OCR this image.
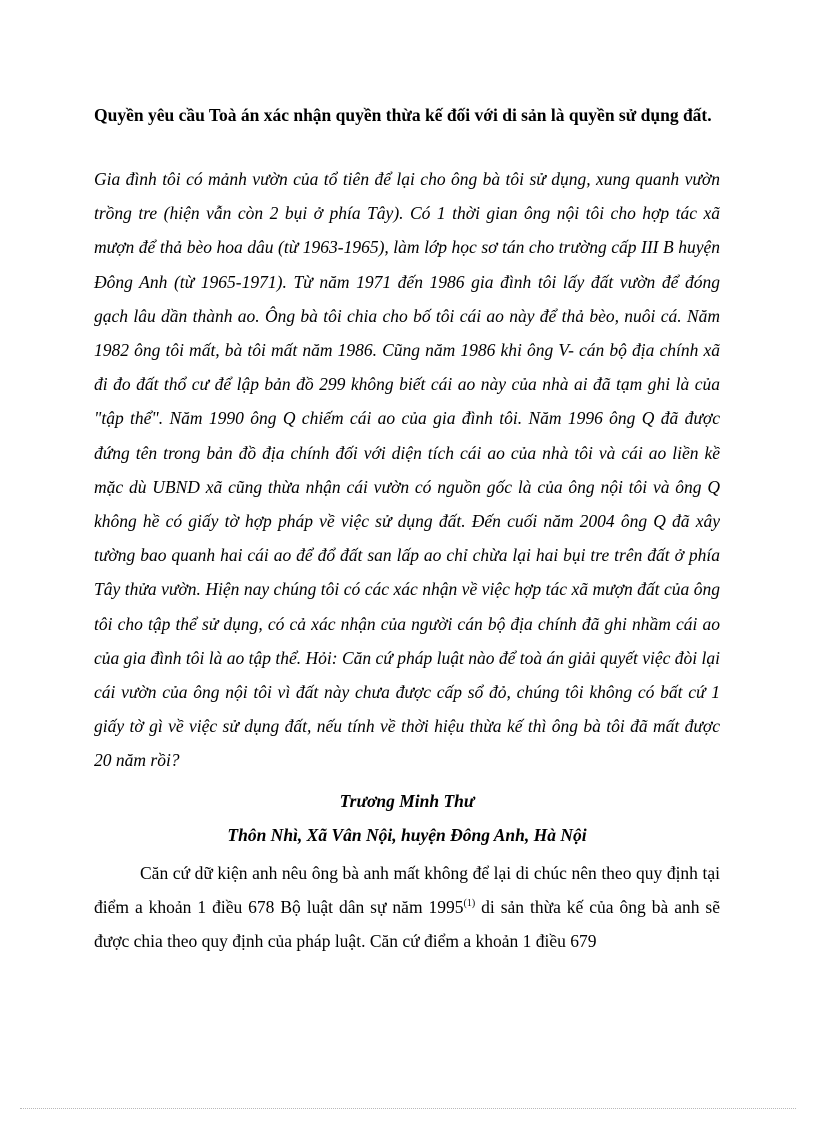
Quyền yêu cầu Toà án xác nhận quyền thừa kế đối với di sản là quyền sử dụng đất.

Gia đình tôi có mảnh vườn của tổ tiên để lại cho ông bà tôi sử dụng, xung quanh vườn trồng tre (hiện vẫn còn 2 bụi ở phía Tây). Có 1 thời gian ông nội tôi cho hợp tác xã mượn để thả bèo hoa dâu (từ 1963-1965), làm lớp học sơ tán cho trường cấp III B huyện Đông Anh (từ 1965-1971). Từ năm 1971 đến 1986 gia đình tôi lấy đất vườn để đóng gạch lâu dần thành ao. Ông bà tôi chia cho bố tôi cái ao này để thả bèo, nuôi cá. Năm 1982 ông tôi mất, bà tôi mất năm 1986. Cũng năm 1986 khi ông V- cán bộ địa chính xã đi đo đất thổ cư để lập bản đồ 299 không biết cái ao này của nhà ai đã tạm ghi là của "tập thể". Năm 1990 ông Q chiếm cái ao của gia đình tôi. Năm 1996 ông Q đã được đứng tên trong bản đồ địa chính đối với diện tích cái ao của nhà tôi và cái ao liền kề mặc dù UBND xã cũng thừa nhận cái vườn có nguồn gốc là của ông nội tôi và ông Q không hề có giấy tờ hợp pháp về việc sử dụng đất. Đến cuối năm 2004 ông Q đã xây tường bao quanh hai cái ao để đổ đất san lấp ao chỉ chừa lại hai bụi tre trên đất ở phía Tây thửa vườn. Hiện nay chúng tôi có các xác nhận về việc hợp tác xã mượn đất của ông tôi cho tập thể sử dụng, có cả xác nhận của người cán bộ địa chính đã ghi nhầm cái ao của gia đình tôi là ao tập thể. Hỏi: Căn cứ pháp luật nào để toà án giải quyết việc đòi lại cái vườn của ông nội tôi vì đất này chưa được cấp sổ đỏ, chúng tôi không có bất cứ 1 giấy tờ gì về việc sử dụng đất, nếu tính về thời hiệu thừa kế thì ông bà tôi đã mất được 20 năm rồi?

Trương Minh Thư

Thôn Nhì, Xã Vân Nội, huyện Đông Anh, Hà Nội

Căn cứ dữ kiện anh nêu ông bà anh mất không để lại di chúc nên theo quy định tại điểm a khoản 1 điều 678 Bộ luật dân sự năm 1995$^{(1)}$ di sản thừa kế của ông bà anh sẽ được chia theo quy định của pháp luật. Căn cứ điểm a khoản 1 điều 679
